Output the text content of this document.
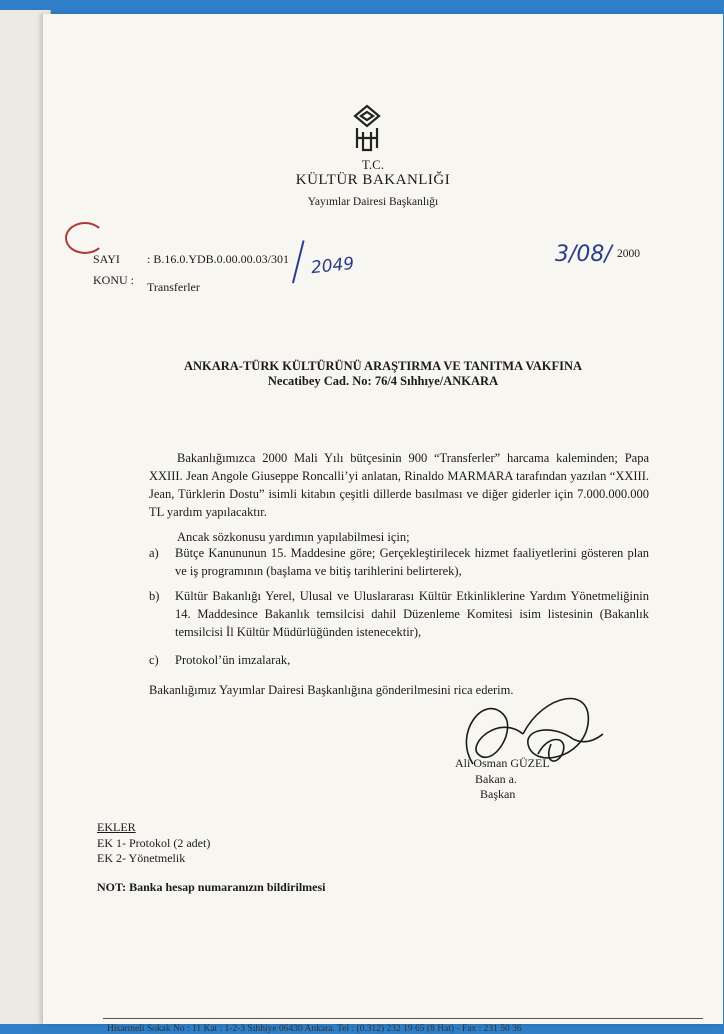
T.C.
KÜLTÜR BAKANLIĞI
Yayımlar Dairesi Başkanlığı
SAYI : B.16.0.YDB.0.00.00.03/301
KONU : Transferler
2049	3/08/ 2000
ANKARA-TÜRK KÜLTÜRÜNÜ ARAŞTIRMA VE TANITMA VAKFINA
Necatibey Cad. No: 76/4 Sıhhıye/ANKARA
Bakanlığımızca 2000 Mali Yılı bütçesinin 900 “Transferler” harcama kaleminden; Papa XXIII. Jean Angole Giuseppe Roncalli’yi anlatan, Rinaldo MARMARA tarafından yazılan “XXIII. Jean, Türklerin Dostu” isimli kitabın çeşitli dillerde basılması ve diğer giderler için 7.000.000.000 TL yardım yapılacaktır.
Ancak sözkonusu yardımın yapılabilmesi için;
a) Bütçe Kanununun 15. Maddesine göre; Gerçekleştirilecek hizmet faaliyetlerini gösteren plan ve iş programının (başlama ve bitiş tarihlerini belirterek),
b) Kültür Bakanlığı Yerel, Ulusal ve Uluslararası Kültür Etkinliklerine Yardım Yönetmeliğinin 14. Maddesince Bakanlık temsilcisi dahil Düzenleme Komitesi isim listesinin (Bakanlık temsilcisi İl Kültür Müdürlüğünden istenecektir),
c) Protokol’ün imzalarak,
Bakanlığımız Yayımlar Dairesi Başkanlığına gönderilmesini rica ederim.
Ali Osman GÜZEL
Bakan a.
Başkan
EKLER
EK 1- Protokol (2 adet)
EK 2- Yönetmelik
NOT: Banka hesap numaranızın bildirilmesi
Hisarmeli Sokak No : 11 Kat : 1-2-3 Sıhhiye 06430 Ankara. Tel : (0.312) 232 19 65 (8 Hat) - Fax : 231 50 36
